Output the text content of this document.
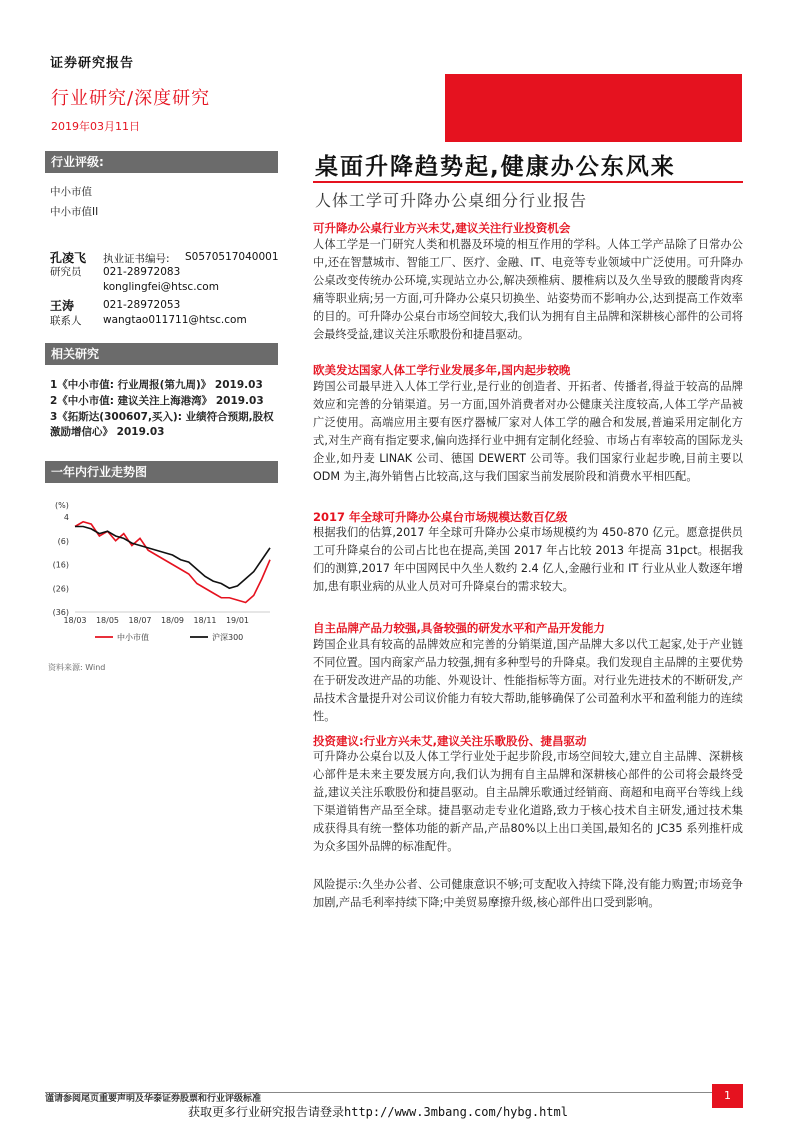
证券研究报告
行业研究/深度研究
2019年03月11日
行业评级:
中小市值
中小市值II
孔凌飞
研究员
执业证书编号: S0570517040001
021-28972083
konglingfei@htsc.com
王涛
联系人
021-28972053
wangtao011711@htsc.com
相关研究
1《中小市值: 行业周报(第九周)》 2019.03
2《中小市值: 建议关注上海港湾》 2019.03
3《拓斯达(300607,买入): 业绩符合预期,股权激励增信心》 2019.03
一年内行业走势图
(%)
4
(6)
(16)
(26)
(36)
18/03 18/05 18/07 18/09 18/11 19/01
中小市值	沪深300
资料来源: Wind
桌面升降趋势起,健康办公东风来
人体工学可升降办公桌细分行业报告
可升降办公桌行业方兴未艾,建议关注行业投资机会
人体工学是一门研究人类和机器及环境的相互作用的学科。人体工学产品除了日常办公中,还在智慧城市、智能工厂、医疗、金融、IT、电竞等专业领域中广泛使用。可升降办公桌改变传统办公环境,实现站立办公,解决颈椎病、腰椎病以及久坐导致的腰酸背肉疼痛等职业病;另一方面,可升降办公桌只切换坐、站姿势而不影响办公,达到提高工作效率的目的。可升降办公桌台市场空间较大,我们认为拥有自主品牌和深耕核心部件的公司将会最终受益,建议关注乐歌股份和捷昌驱动。
欧美发达国家人体工学行业发展多年,国内起步较晚
跨国公司最早进入人体工学行业,是行业的创造者、开拓者、传播者,得益于较高的品牌效应和完善的分销渠道。另一方面,国外消费者对办公健康关注度较高,人体工学产品被广泛使用。高端应用主要有医疗器械厂家对人体工学的融合和发展,普遍采用定制化方式,对生产商有指定要求,偏向选择行业中拥有定制化经验、市场占有率较高的国际龙头企业,如丹麦 LINAK 公司、德国 DEWERT 公司等。我们国家行业起步晚,目前主要以 ODM 为主,海外销售占比较高,这与我们国家当前发展阶段和消费水平相匹配。
2017 年全球可升降办公桌台市场规模达数百亿级
根据我们的估算,2017 年全球可升降办公桌市场规模约为 450-870 亿元。愿意提供员工可升降桌台的公司占比也在提高,美国 2017 年占比较 2013 年提高 31pct。根据我们的测算,2017 年中国网民中久坐人数约 2.4 亿人,金融行业和 IT 行业从业人数逐年增加,患有职业病的从业人员对可升降桌台的需求较大。
自主品牌产品力较强,具备较强的研发水平和产品开发能力
跨国企业具有较高的品牌效应和完善的分销渠道,国产品牌大多以代工起家,处于产业链不同位置。国内商家产品力较强,拥有多种型号的升降桌。我们发现自主品牌的主要优势在于研发改进产品的功能、外观设计、性能指标等方面。对行业先进技术的不断研发,产品技术含量提升对公司议价能力有较大帮助,能够确保了公司盈利水平和盈利能力的连续性。
投资建议:行业方兴未艾,建议关注乐歌股份、捷昌驱动
可升降办公桌台以及人体工学行业处于起步阶段,市场空间较大,建立自主品牌、深耕核心部件是未来主要发展方向,我们认为拥有自主品牌和深耕核心部件的公司将会最终受益,建议关注乐歌股份和捷昌驱动。自主品牌乐歌通过经销商、商超和电商平台等线上线下渠道销售产品至全球。捷昌驱动走专业化道路,致力于核心技术自主研发,通过技术集成获得具有统一整体功能的新产品,产品80%以上出口美国,最知名的 JC35 系列推杆成为众多国外品牌的标准配件。
风险提示:久坐办公者、公司健康意识不够;可支配收入持续下降,没有能力购置;市场竞争加剧,产品毛利率持续下降;中美贸易摩擦升级,核心部件出口受到影响。
谨请参阅尾页重要声明及华泰证券股票和行业评级标准	1
获取更多行业研究报告请登录http://www.3mbang.com/hybg.html
